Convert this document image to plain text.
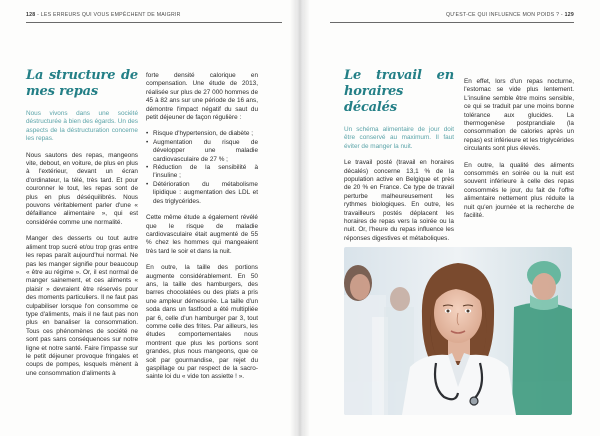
128 - LES ERREURS QUI VOUS EMPÊCHENT DE MAIGRIR	QU'EST-CE QUI INFLUENCE MON POIDS ? - 129
La structure de mes repas

Nous vivons dans une société déstructurée à bien des égards. Un des aspects de la déstructuration concerne les repas.

Nous sautons des repas, mangeons vite, debout, en voiture, de plus en plus à l'extérieur, devant un écran d'ordinateur, la télé, très tard. Et pour couronner le tout, les repas sont de plus en plus déséquilibrés. Nous pouvons véritablement parler d'une « défaillance alimentaire », qui est considérée comme une normalité.

Manger des desserts ou tout autre aliment trop sucré et/ou trop gras entre les repas paraît aujourd'hui normal. Ne pas les manger signifie pour beaucoup « être au régime ». Or, il est normal de manger sainement, et ces aliments « plaisir » devraient être réservés pour des moments particuliers. Il ne faut pas culpabiliser lorsque l'on consomme ce type d'aliments, mais il ne faut pas non plus en banaliser la consommation. Tous ces phénomènes de société ne sont pas sans conséquences sur notre ligne et notre santé. Faire l'impasse sur le petit déjeuner provoque fringales et coups de pompes, lesquels mènent à une consommation d'aliments à

forte densité calorique en compensation. Une étude de 2013, réalisée sur plus de 27 000 hommes de 45 à 82 ans sur une période de 16 ans, démontre l'impact négatif du saut du petit déjeuner de façon régulière :

• Risque d'hypertension, de diabète ;
• Augmentation du risque de développer une maladie cardiovasculaire de 27 % ;
• Réduction de la sensibilité à l'insuline ;
• Détérioration du métabolisme lipidique : augmentation des LDL et des triglycérides.

Cette même étude a également révélé que le risque de maladie cardiovasculaire était augmenté de 55 % chez les hommes qui mangeaient très tard le soir et dans la nuit.

En outre, la taille des portions augmente considérablement. En 50 ans, la taille des hamburgers, des barres chocolatées ou des plats a pris une ampleur démesurée. La taille d'un soda dans un fastfood a été multipliée par 6, celle d'un hamburger par 3, tout comme celle des frites. Par ailleurs, les études comportementales nous montrent que plus les portions sont grandes, plus nous mangeons, que ce soit par gourmandise, par rejet du gaspillage ou par respect de la sacro-sainte loi du « vide ton assiette ! ».

Le travail en horaires décalés

Un schéma alimentaire de jour doit être conservé au maximum. Il faut éviter de manger la nuit.

Le travail posté (travail en horaires décalés) concerne 13,1 % de la population active en Belgique et près de 20 % en France. Ce type de travail perturbe malheureusement les rythmes biologiques. En outre, les travailleurs postés déplacent les horaires de repas vers la soirée ou la nuit. Or, l'heure du repas influence les réponses digestives et métaboliques.

En effet, lors d'un repas nocturne, l'estomac se vide plus lentement. L'insuline semble être moins sensible, ce qui se traduit par une moins bonne tolérance aux glucides. La thermogenèse postprandiale (la consommation de calories après un repas) est inférieure et les triglycérides circulants sont plus élevés.

En outre, la qualité des aliments consommés en soirée ou la nuit est souvent inférieure à celle des repas consommés le jour, du fait de l'offre alimentaire nettement plus réduite la nuit qu'en journée et la recherche de facilité.
